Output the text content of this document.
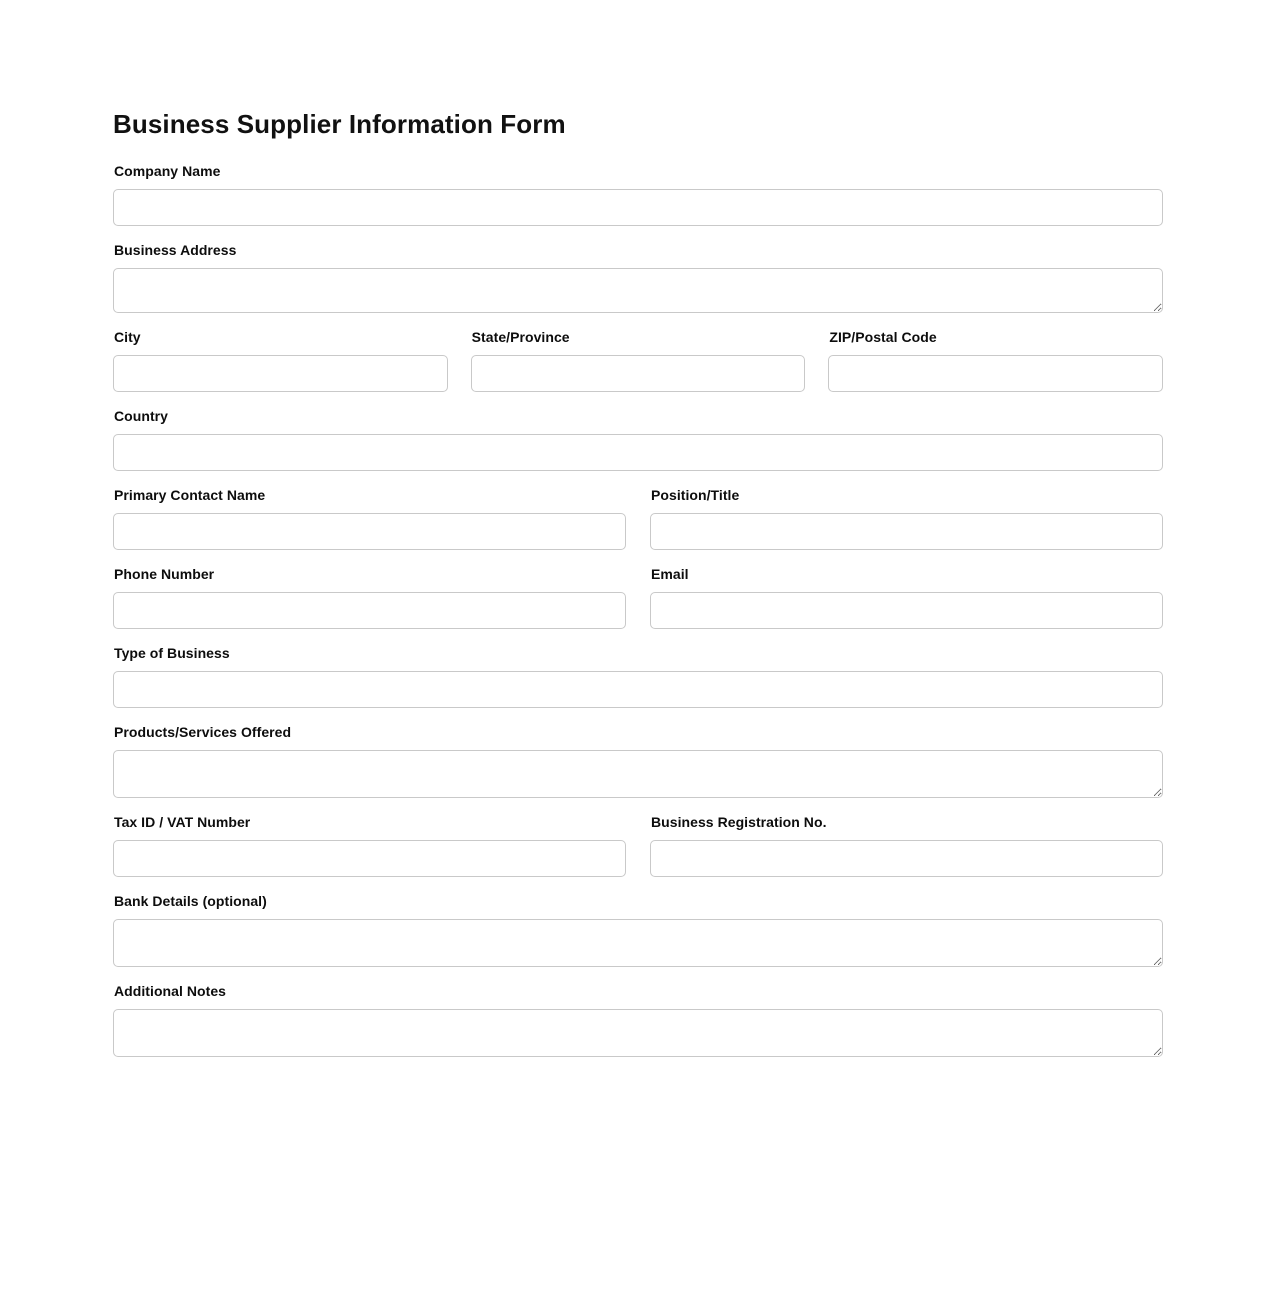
Business Supplier Information Form
Company Name
Business Address
City	State/Province	ZIP/Postal Code
Country
Primary Contact Name	Position/Title
Phone Number	Email
Type of Business
Products/Services Offered
Tax ID / VAT Number	Business Registration No.
Bank Details (optional)
Additional Notes
